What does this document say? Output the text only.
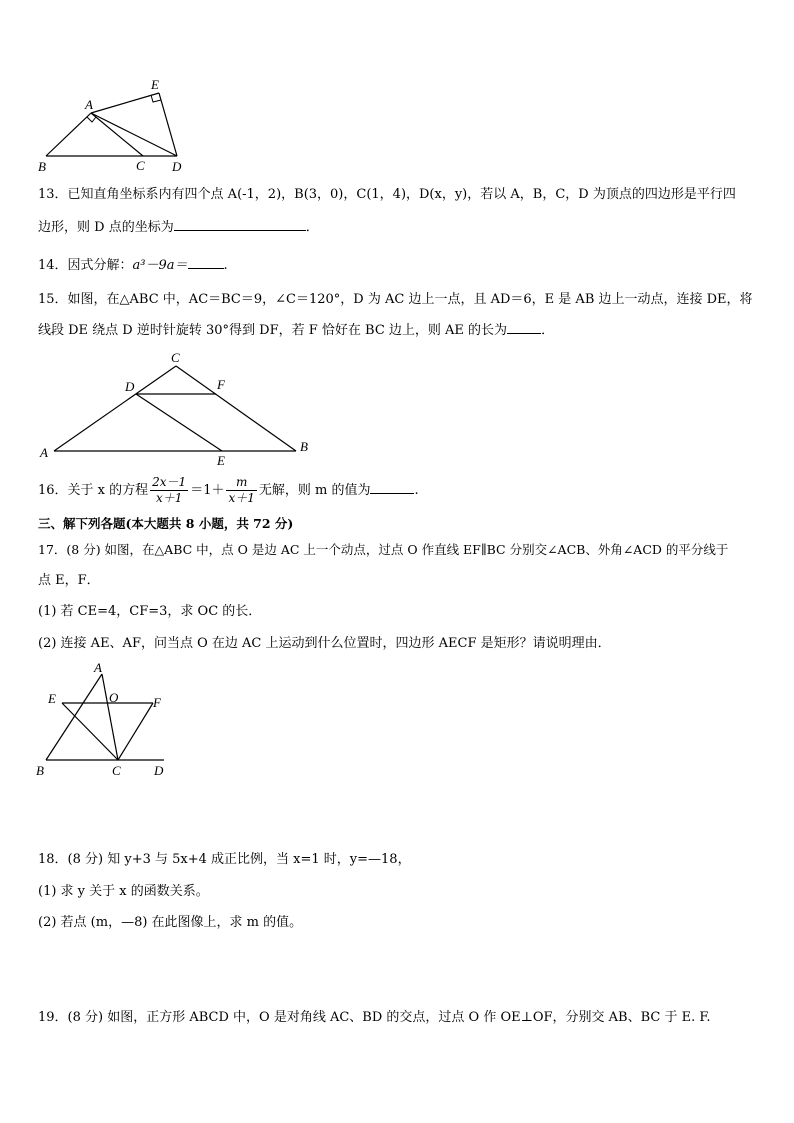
A
E
B	C D
13．已知直角坐标系内有四个点 A(-1，2)，B(3，0)，C(1，4)，D(x，y)，若以 A，B，C，D 为顶点的四边形是平行四
边形，则 D 点的坐标为	．
14．因式分解：a³－9a＝	.
15．如图，在△ABC 中，AC＝BC＝9，∠C＝120°，D 为 AC 边上一点，且 AD＝6，E 是 AB 边上一动点，连接 DE，将
线段 DE 绕点 D 逆时针旋转 30°得到 DF，若 F 恰好在 BC 边上，则 AE 的长为	．
C
D	F
A	B
E
16．关于 x 的方程 $\frac{2x-1}{x+1} =1+ \frac{m}{x+1}$ 无解，则 m 的值为	.
三、解下列各题(本大题共 8 小题，共 72 分)
17．(8 分) 如图，在△ABC 中，点 O 是边 AC 上一个动点，过点 O 作直线 EF∥BC 分别交∠ACB、外角∠ACD 的平分线于
点 E，F．
(1) 若 CE=4，CF=3，求 OC 的长．
(2) 连接 AE、AF，问当点 O 在边 AC 上运动到什么位置时，四边形 AECF 是矩形？请说明理由．
A
E	O	F
B	C	D
18．(8 分) 知 y+3 与 5x+4 成正比例，当 x=1 时，y=—18，
(1) 求 y 关于 x 的函数关系。
(2) 若点 (m，—8) 在此图像上，求 m 的值。
19．(8 分) 如图，正方形 ABCD 中，O 是对角线 AC、BD 的交点，过点 O 作 OE⊥OF，分别交 AB、BC 于 E. F.
